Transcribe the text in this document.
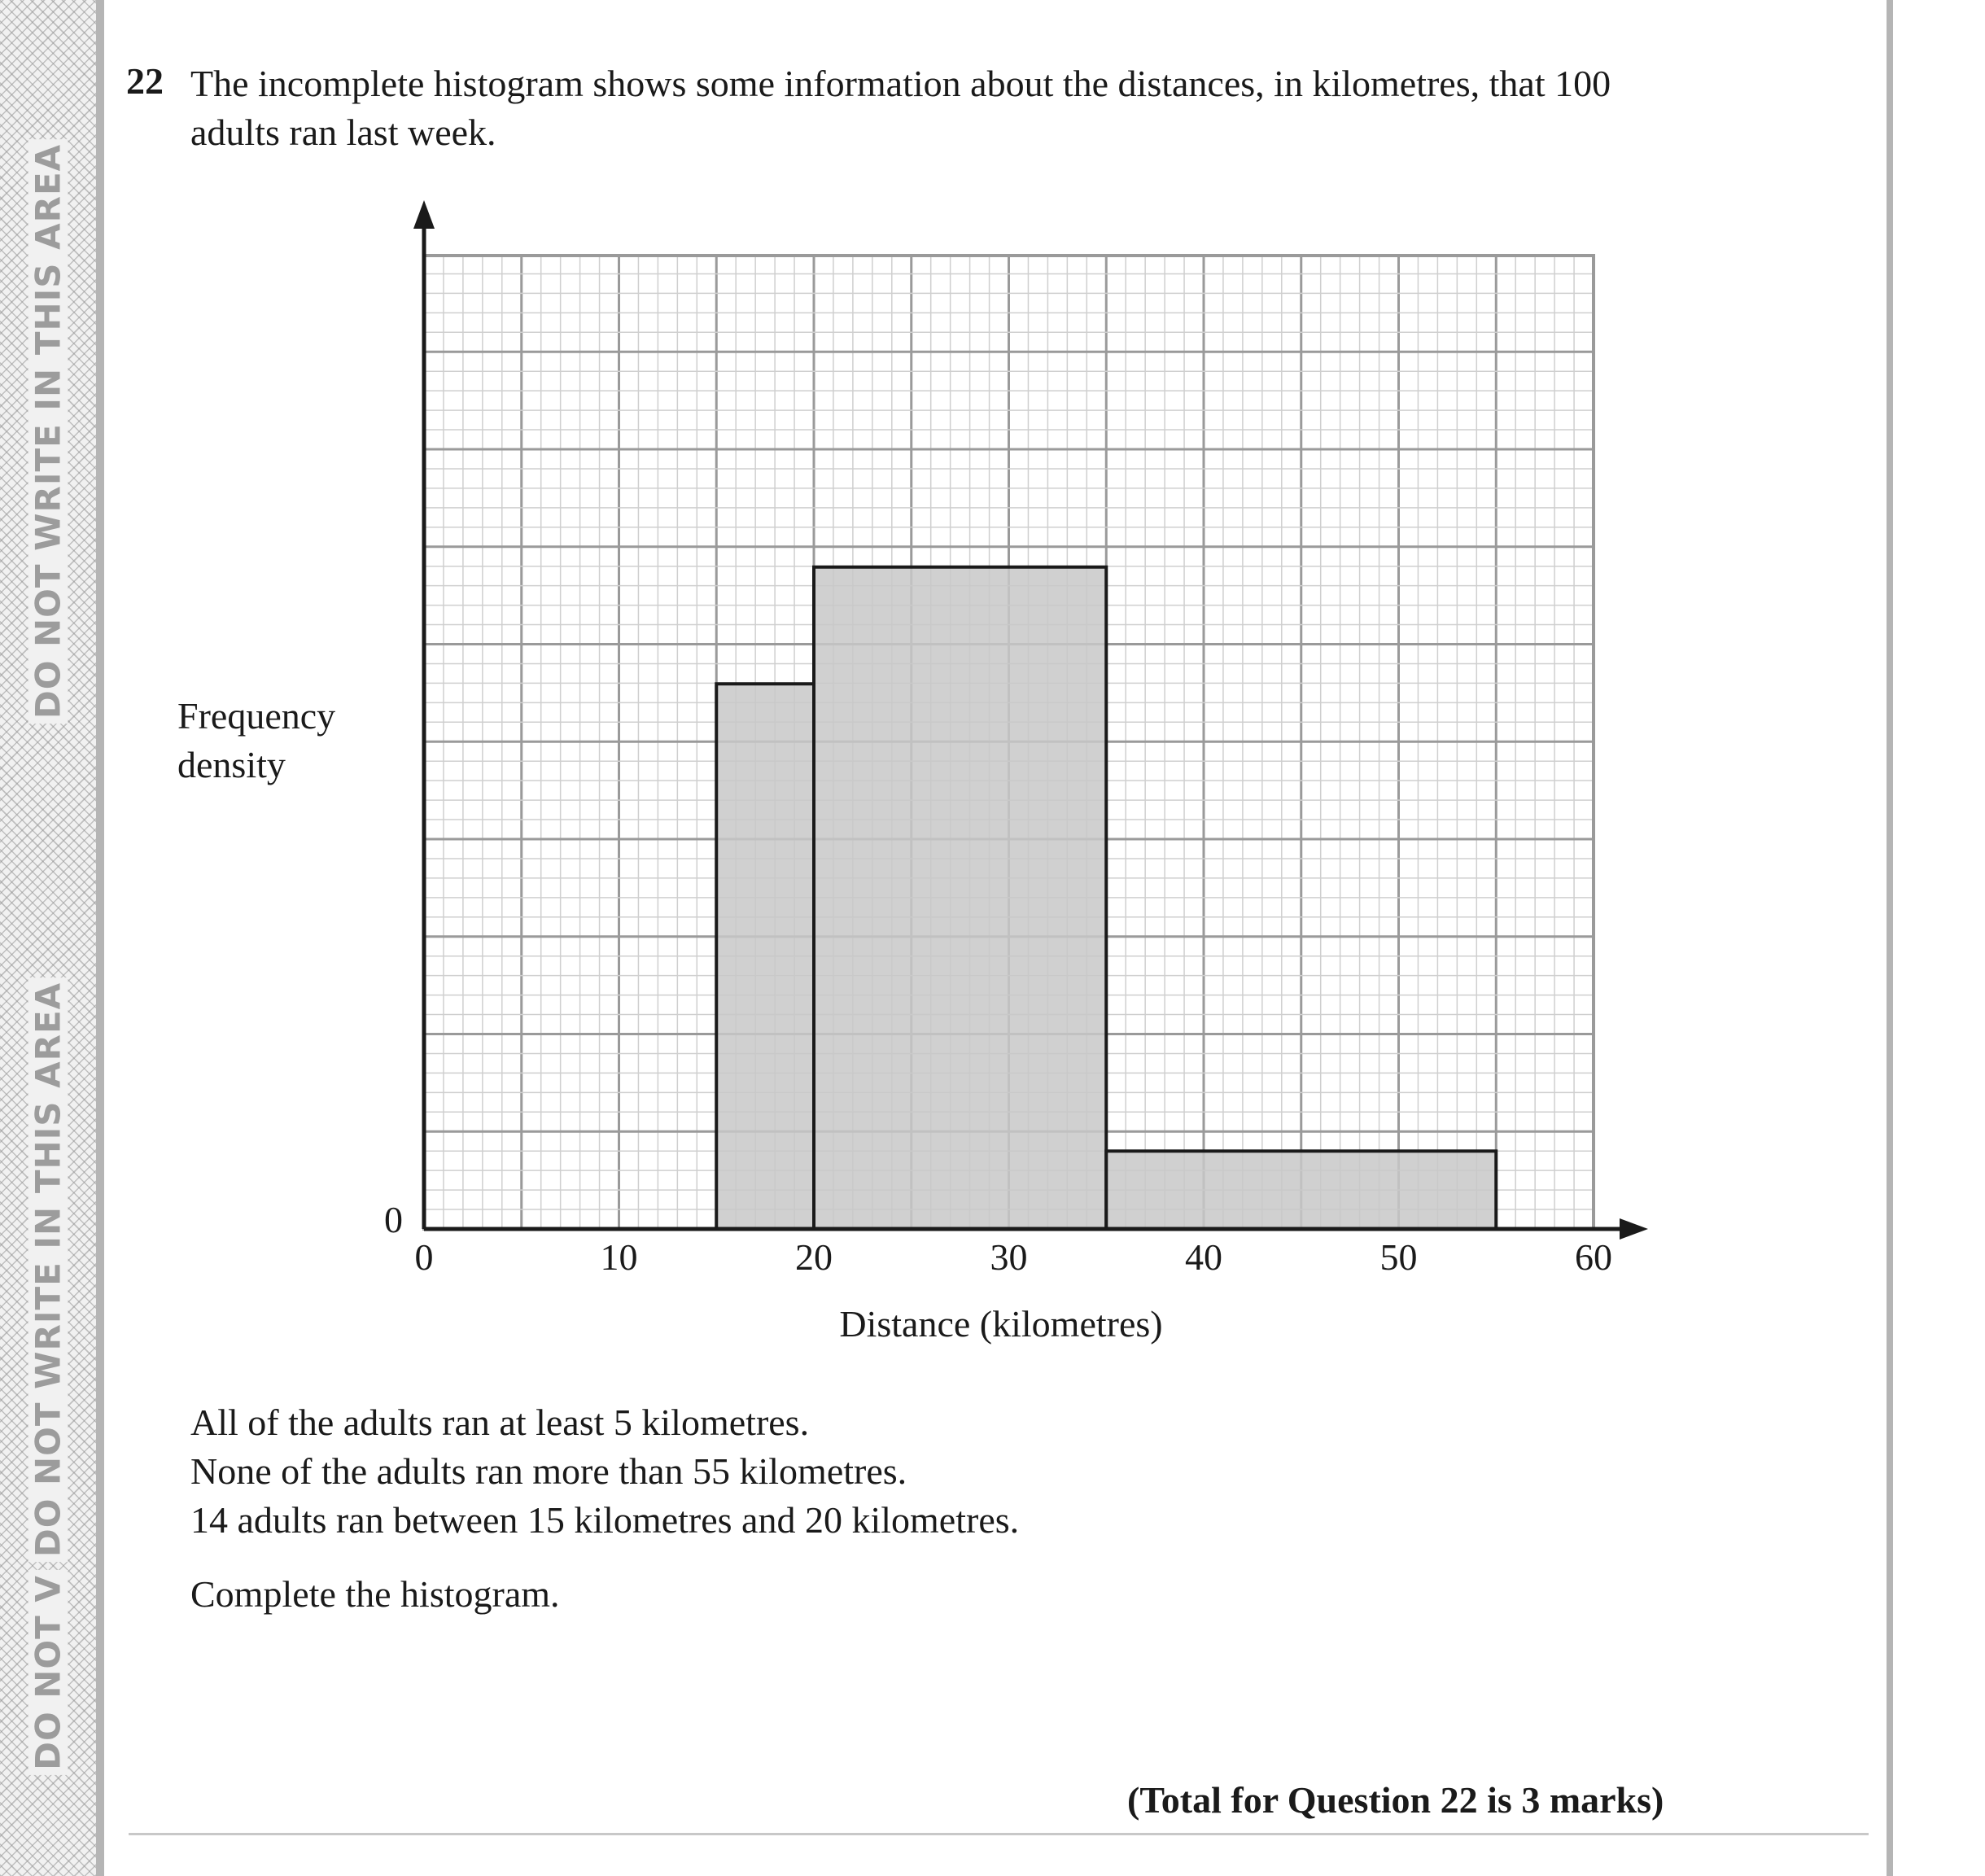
DO NOT WRITE IN THIS AREA
DO NOT WRITE IN THIS AREA
DO NOT V
22 The incomplete histogram shows some information about the distances, in kilometres, that 100 adults ran last week.
Frequency density
0
0	10	20	30	40	50	60
Distance (kilometres)
All of the adults ran at least 5 kilometres.
None of the adults ran more than 55 kilometres.
14 adults ran between 15 kilometres and 20 kilometres.
Complete the histogram.
(Total for Question 22 is 3 marks)
